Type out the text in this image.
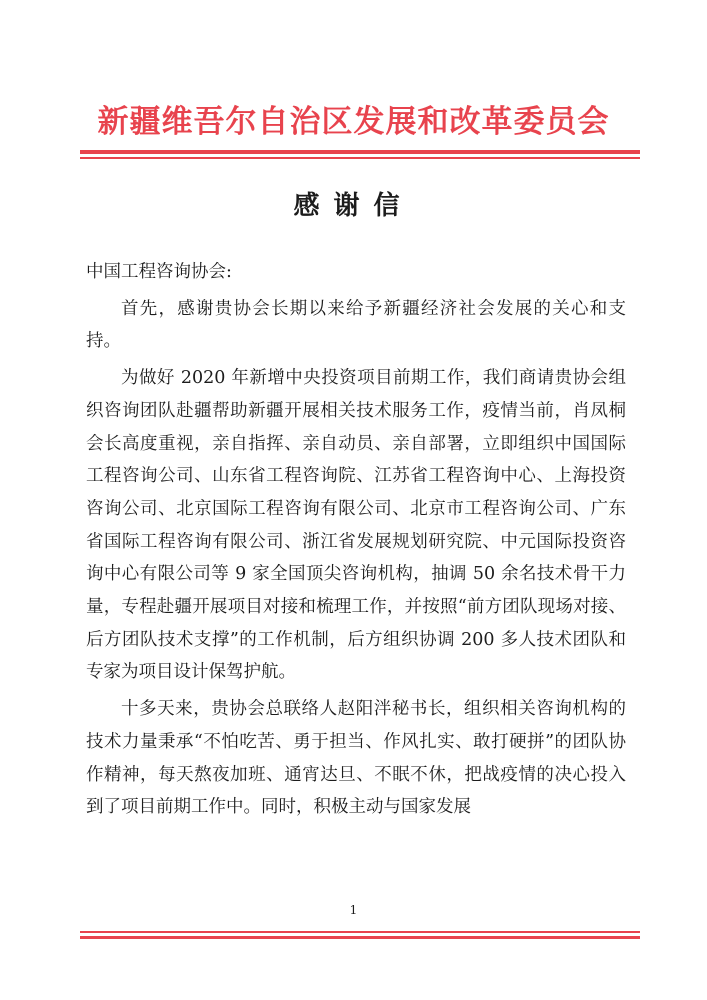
新疆维吾尔自治区发展和改革委员会
感谢信

中国工程咨询协会:

首先，感谢贵协会长期以来给予新疆经济社会发展的关心和支持。

为做好 2020 年新增中央投资项目前期工作，我们商请贵协会组织咨询团队赴疆帮助新疆开展相关技术服务工作，疫情当前，肖凤桐会长高度重视，亲自指挥、亲自动员、亲自部署，立即组织中国国际工程咨询公司、山东省工程咨询院、江苏省工程咨询中心、上海投资咨询公司、北京国际工程咨询有限公司、北京市工程咨询公司、广东省国际工程咨询有限公司、浙江省发展规划研究院、中元国际投资咨询中心有限公司等 9 家全国顶尖咨询机构，抽调 50 余名技术骨干力量，专程赴疆开展项目对接和梳理工作，并按照“前方团队现场对接、后方团队技术支撑”的工作机制，后方组织协调 200 多人技术团队和专家为项目设计保驾护航。

十多天来，贵协会总联络人赵阳泮秘书长，组织相关咨询机构的技术力量秉承“不怕吃苦、勇于担当、作风扎实、敢打硬拼”的团队协作精神，每天熬夜加班、通宵达旦、不眠不休，把战疫情的决心投入到了项目前期工作中。同时，积极主动与国家发展

1
